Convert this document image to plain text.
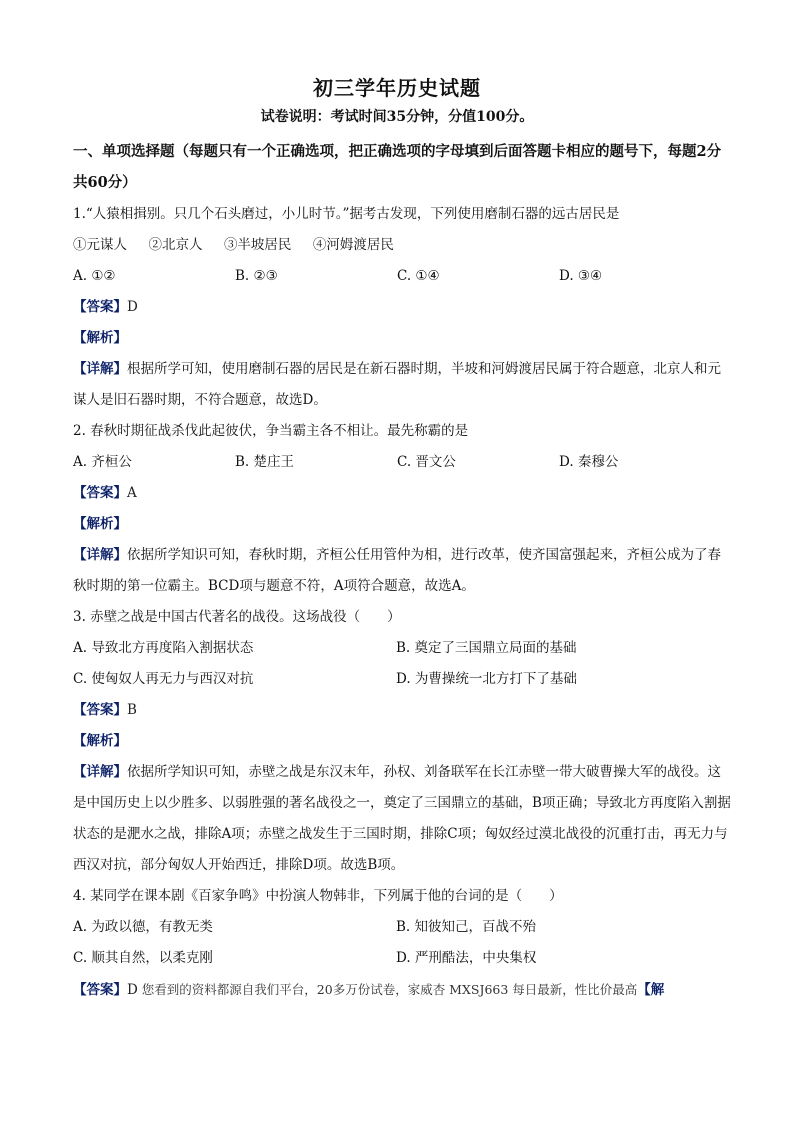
初三学年历史试题
试卷说明：考试时间35分钟，分值100分。
一、单项选择题（每题只有一个正确选项，把正确选项的字母填到后面答题卡相应的题号下，每题2分共60分）
1.“人猿相揖别。只几个石头磨过，小儿时节。”据考古发现，下列使用磨制石器的远古居民是
①元谋人 ②北京人 ③半坡居民 ④河姆渡居民
A. ①②	B. ②③	C. ①④	D. ③④
【答案】D
【解析】
【详解】根据所学可知，使用磨制石器的居民是在新石器时期，半坡和河姆渡居民属于符合题意，北京人和元谋人是旧石器时期，不符合题意，故选D。
2. 春秋时期征战杀伐此起彼伏，争当霸主各不相让。最先称霸的是
A. 齐桓公	B. 楚庄王	C. 晋文公	D. 秦穆公
【答案】A
【解析】
【详解】依据所学知识可知，春秋时期，齐桓公任用管仲为相，进行改革，使齐国富强起来，齐桓公成为了春秋时期的第一位霸主。BCD项与题意不符，A项符合题意，故选A。
3. 赤壁之战是中国古代著名的战役。这场战役（　　）
A. 导致北方再度陷入割据状态	B. 奠定了三国鼎立局面的基础
C. 使匈奴人再无力与西汉对抗	D. 为曹操统一北方打下了基础
【答案】B
【解析】
【详解】依据所学知识可知，赤壁之战是东汉末年，孙权、刘备联军在长江赤壁一带大破曹操大军的战役。这是中国历史上以少胜多、以弱胜强的著名战役之一，奠定了三国鼎立的基础，B项正确；导致北方再度陷入割据状态的是淝水之战，排除A项；赤壁之战发生于三国时期，排除C项；匈奴经过漠北战役的沉重打击，再无力与西汉对抗，部分匈奴人开始西迁，排除D项。故选B项。
4. 某同学在课本剧《百家争鸣》中扮演人物韩非，下列属于他的台词的是（　　）
A. 为政以德，有教无类	B. 知彼知己，百战不殆
C. 顺其自然，以柔克刚	D. 严刑酷法，中央集权
【答案】D 您看到的资料都源自我们平台，20多万份试卷，家威杏 MXSJ663 每日最新，性比价最高【解
